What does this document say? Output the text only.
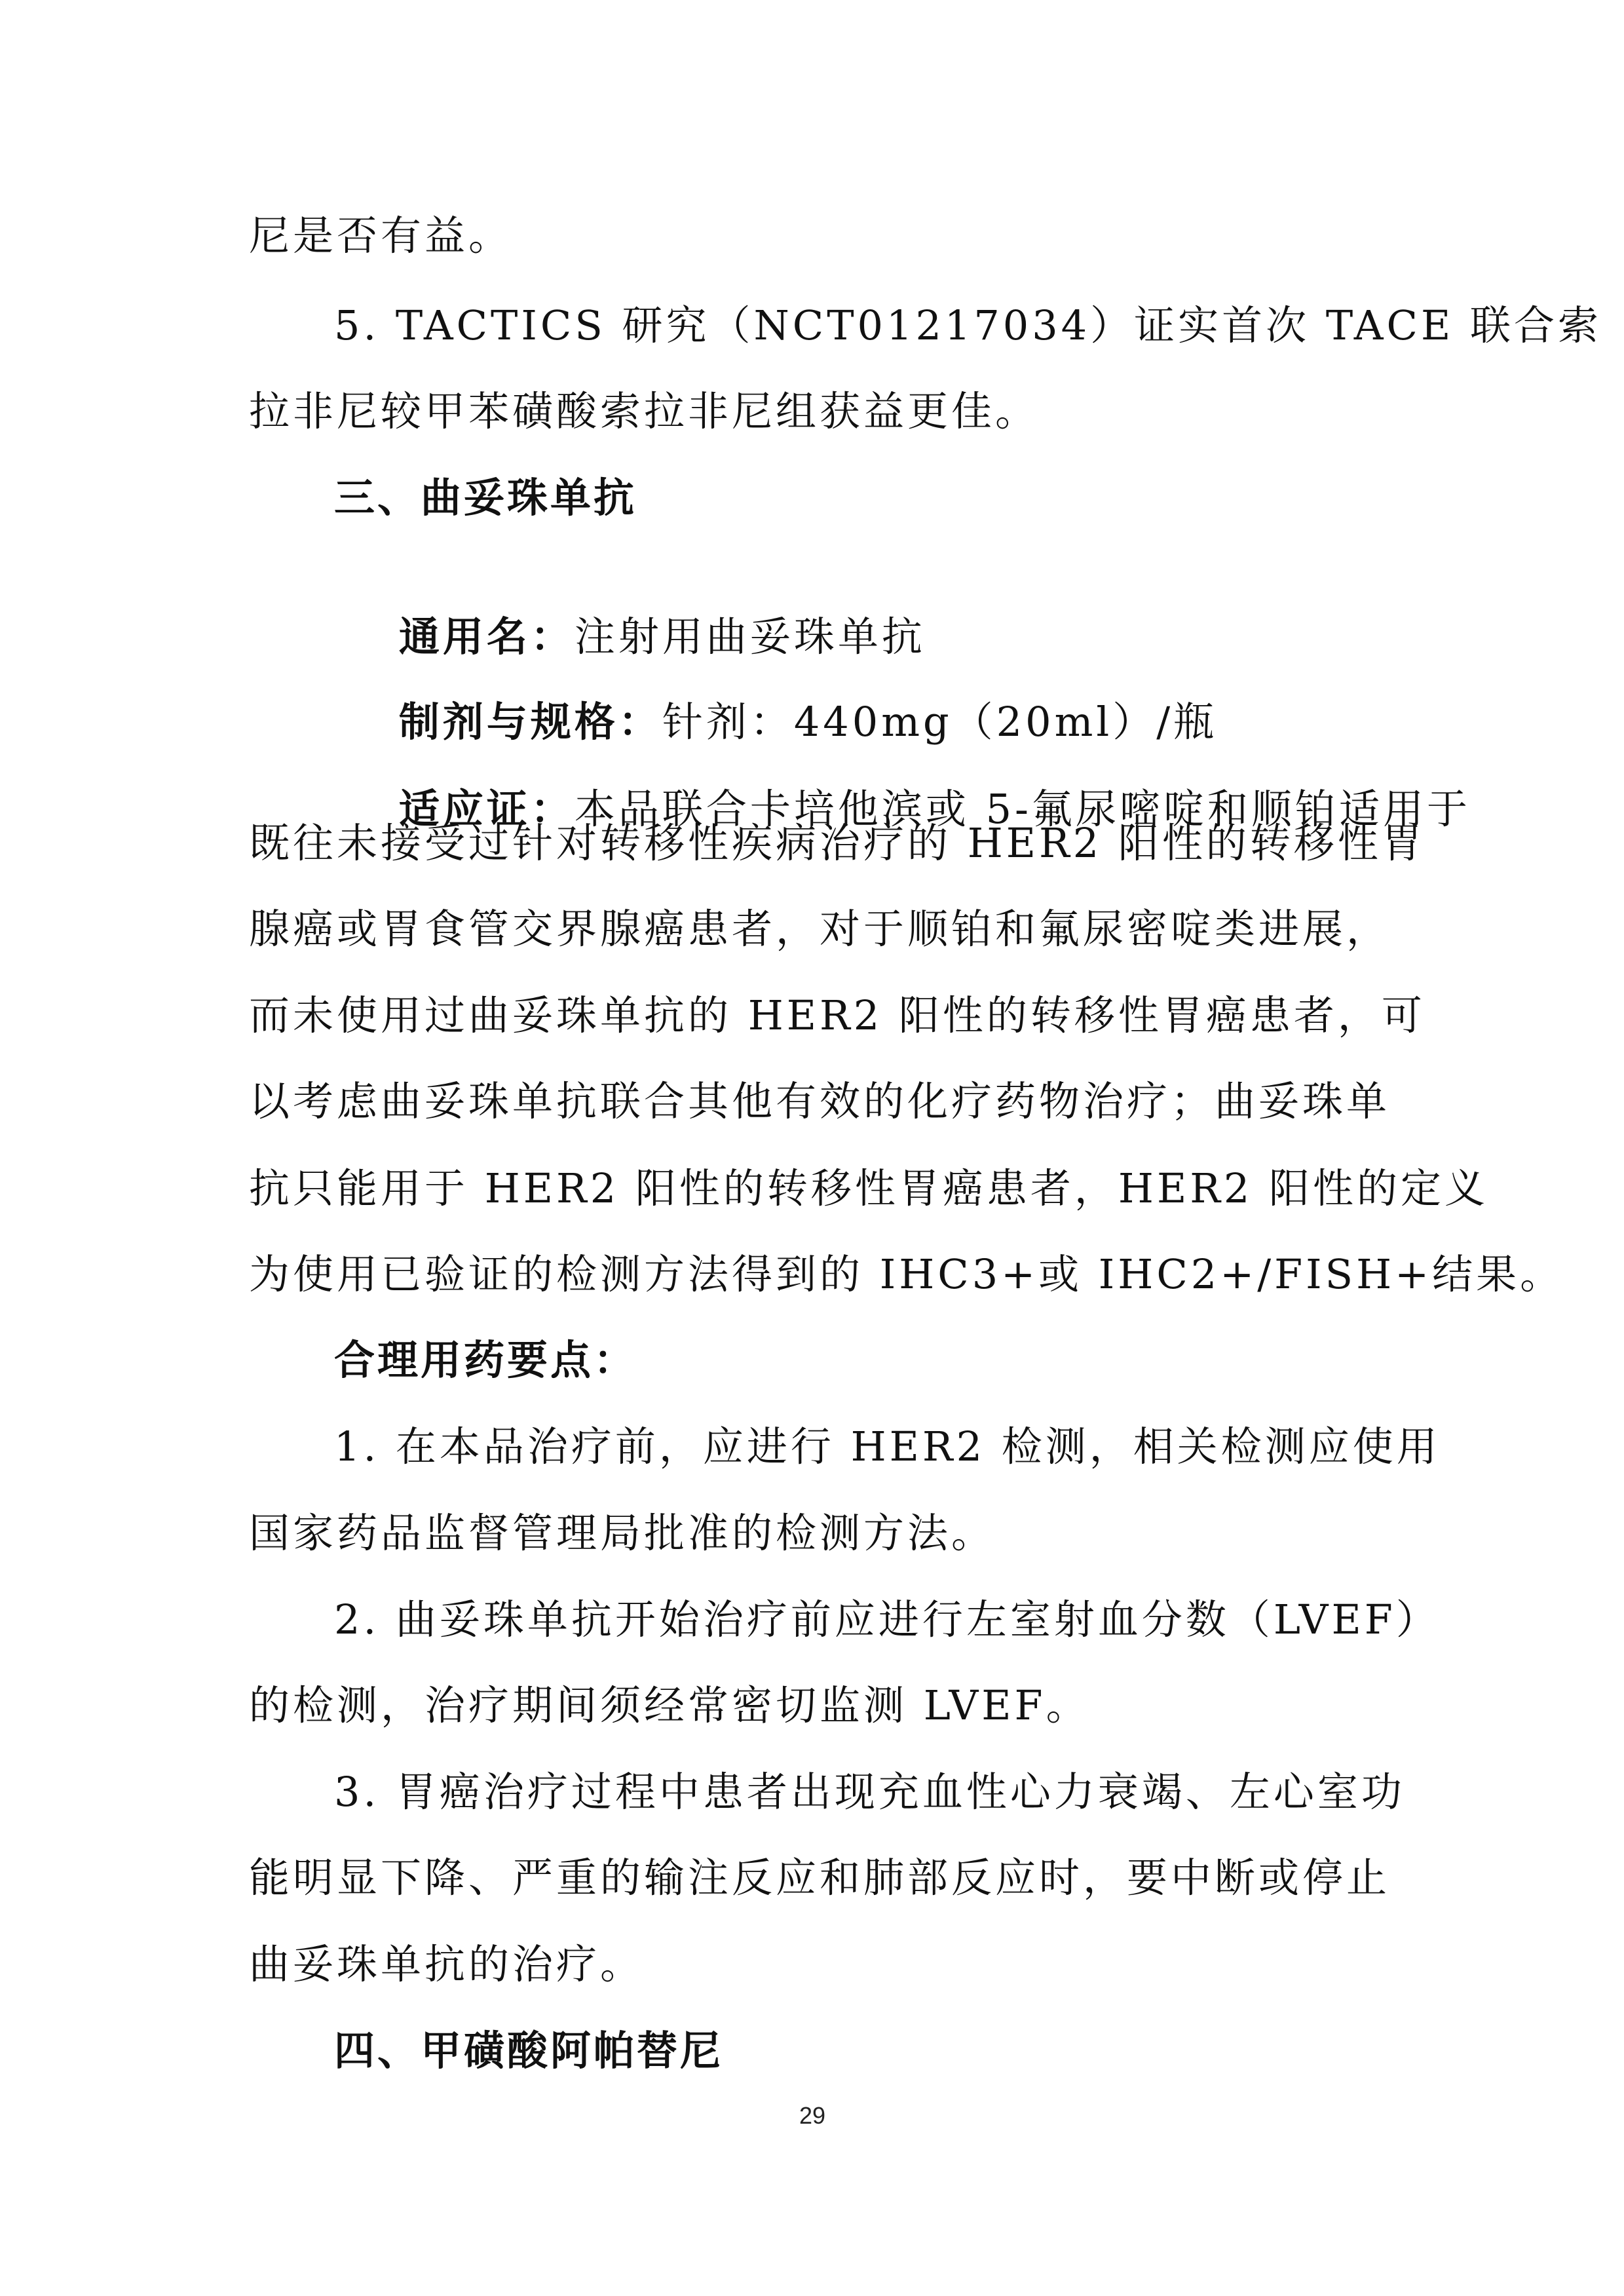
尼是否有益。
5. TACTICS 研究（NCT01217034）证实首次 TACE 联合索
拉非尼较甲苯磺酸索拉非尼组获益更佳。
三、曲妥珠单抗

通用名：注射用曲妥珠单抗

制剂与规格：针剂：440mg（20ml）/瓶

适应证：本品联合卡培他滨或 5-氟尿嘧啶和顺铂适用于

既往未接受过针对转移性疾病治疗的 HER2 阳性的转移性胃
腺癌或胃食管交界腺癌患者，对于顺铂和氟尿密啶类进展，
而未使用过曲妥珠单抗的 HER2 阳性的转移性胃癌患者，可
以考虑曲妥珠单抗联合其他有效的化疗药物治疗；曲妥珠单
抗只能用于 HER2 阳性的转移性胃癌患者，HER2 阳性的定义
为使用已验证的检测方法得到的 IHC3+或 IHC2+/FISH+结果。
合理用药要点：
1. 在本品治疗前，应进行 HER2 检测，相关检测应使用
国家药品监督管理局批准的检测方法。
2. 曲妥珠单抗开始治疗前应进行左室射血分数（LVEF）
的检测，治疗期间须经常密切监测 LVEF。
3. 胃癌治疗过程中患者出现充血性心力衰竭、左心室功
能明显下降、严重的输注反应和肺部反应时，要中断或停止
曲妥珠单抗的治疗。
四、甲磺酸阿帕替尼
29
